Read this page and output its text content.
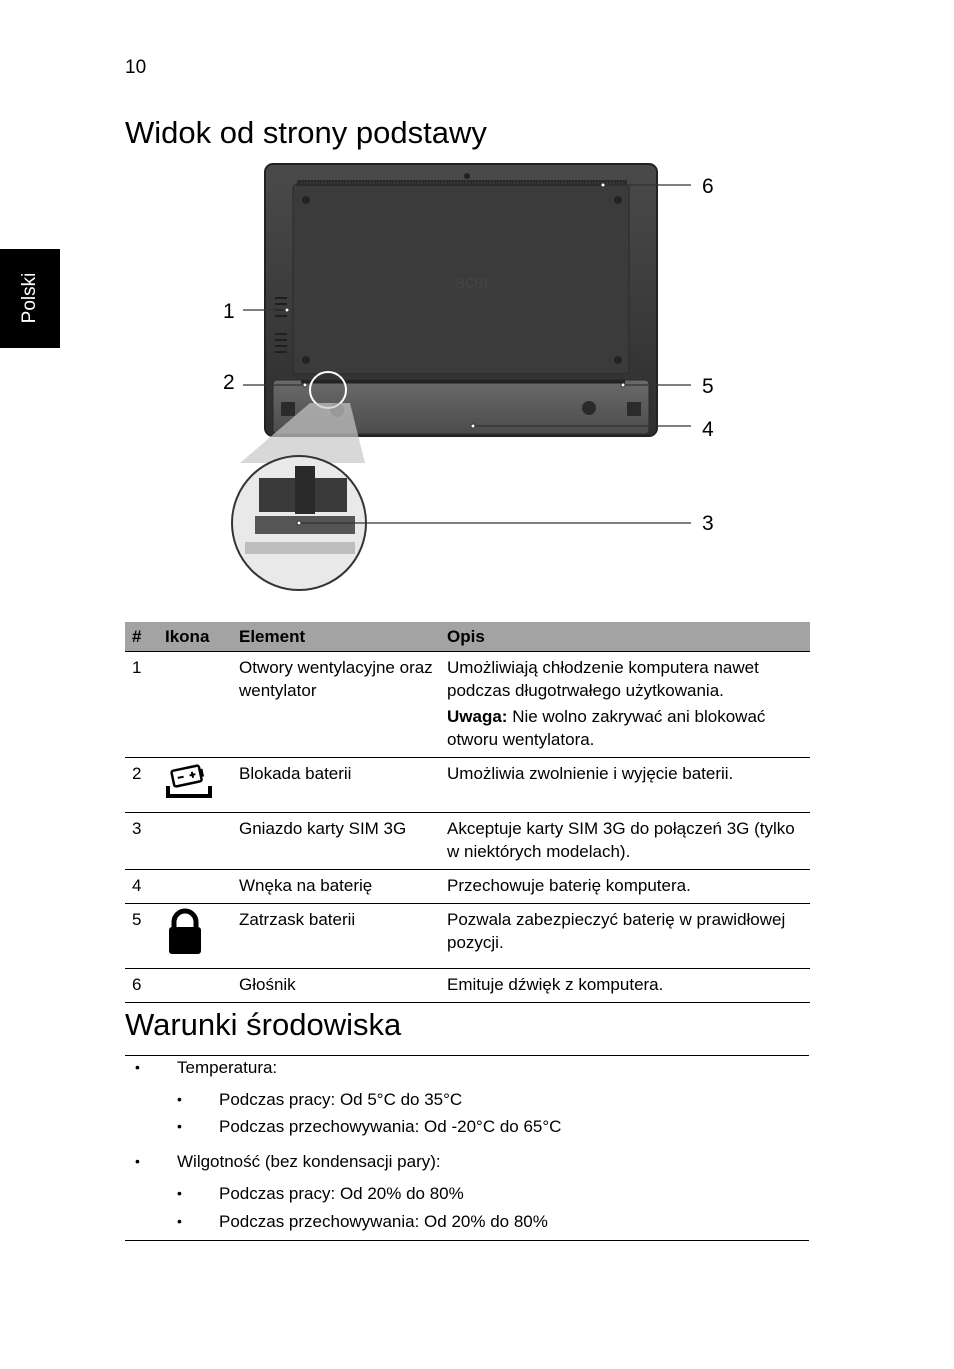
10
Polski
Widok od strony podstawy
acer
6
1
2	5
4
3
#	Ikona	Element	Opis
1		Otwory wentylacyjne oraz wentylator	Umożliwiają chłodzenie komputera nawet podczas długotrwałego użytkowania.
Uwaga: Nie wolno zakrywać ani blokować otworu wentylatora.

2		Blokada baterii	Umożliwia zwolnienie i wyjęcie baterii.
3		Gniazdo karty SIM 3G	Akceptuje karty SIM 3G do połączeń 3G (tylko w niektórych modelach).
4		Wnęka na baterię	Przechowuje baterię komputera.
5		Zatrzask baterii	Pozwala zabezpieczyć baterię w prawidłowej pozycji.
6		Głośnik	Emituje dźwięk z komputera.
Warunki środowiska
• Temperatura:
• Podczas pracy: Od 5°C do 35°C
• Podczas przechowywania: Od -20°C do 65°C
• Wilgotność (bez kondensacji pary):
• Podczas pracy: Od 20% do 80%
• Podczas przechowywania: Od 20% do 80%
